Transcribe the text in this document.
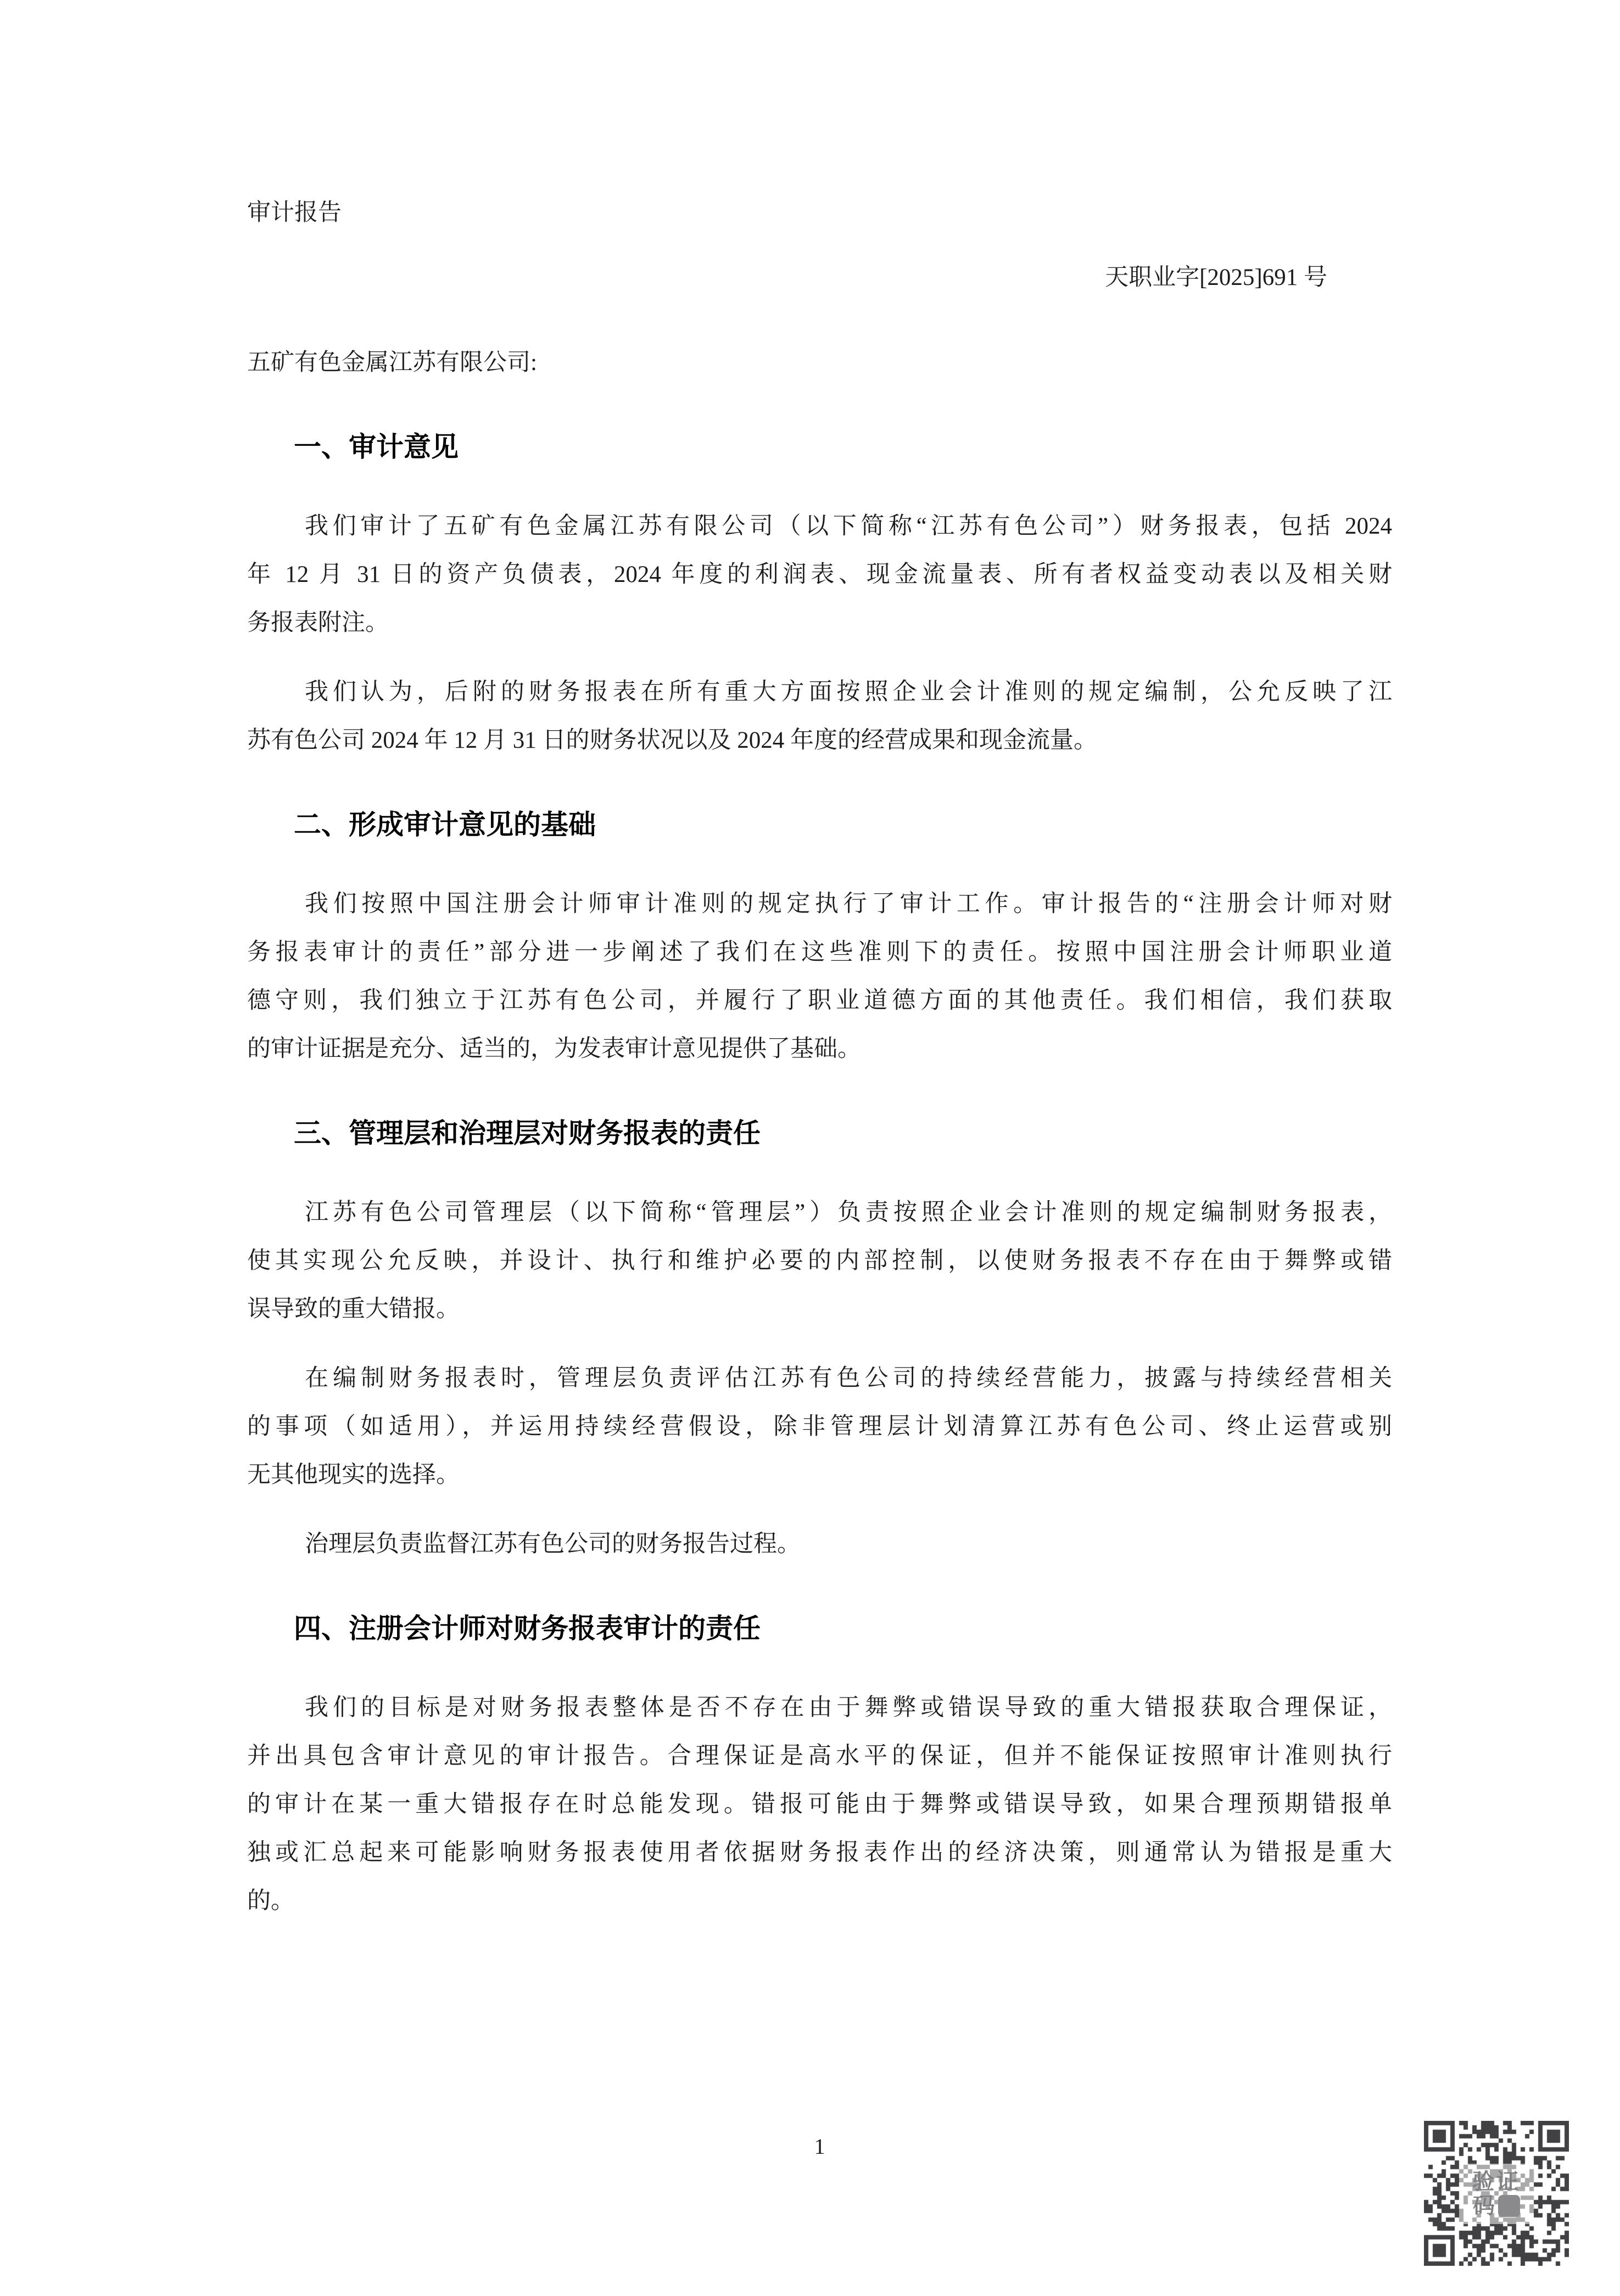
审计报告
天职业字[2025]691 号
五矿有色金属江苏有限公司:
一、审计意见
我们审计了五矿有色金属江苏有限公司（以下简称“江苏有色公司”）财务报表，包括 2024
年 12 月 31 日的资产负债表，2024 年度的利润表、现金流量表、所有者权益变动表以及相关财
务报表附注。
我们认为，后附的财务报表在所有重大方面按照企业会计准则的规定编制，公允反映了江
苏有色公司 2024 年 12 月 31 日的财务状况以及 2024 年度的经营成果和现金流量。
二、形成审计意见的基础
我们按照中国注册会计师审计准则的规定执行了审计工作。审计报告的“注册会计师对财
务报表审计的责任”部分进一步阐述了我们在这些准则下的责任。按照中国注册会计师职业道
德守则，我们独立于江苏有色公司，并履行了职业道德方面的其他责任。我们相信，我们获取
的审计证据是充分、适当的，为发表审计意见提供了基础。
三、管理层和治理层对财务报表的责任
江苏有色公司管理层（以下简称“管理层”）负责按照企业会计准则的规定编制财务报表，
使其实现公允反映，并设计、执行和维护必要的内部控制，以使财务报表不存在由于舞弊或错
误导致的重大错报。
在编制财务报表时，管理层负责评估江苏有色公司的持续经营能力，披露与持续经营相关
的事项（如适用），并运用持续经营假设，除非管理层计划清算江苏有色公司、终止运营或别
无其他现实的选择。
治理层负责监督江苏有色公司的财务报告过程。
四、注册会计师对财务报表审计的责任
我们的目标是对财务报表整体是否不存在由于舞弊或错误导致的重大错报获取合理保证，
并出具包含审计意见的审计报告。合理保证是高水平的保证，但并不能保证按照审计准则执行
的审计在某一重大错报存在时总能发现。错报可能由于舞弊或错误导致，如果合理预期错报单
独或汇总起来可能影响财务报表使用者依据财务报表作出的经济决策，则通常认为错报是重大
的。
1
验证
码
